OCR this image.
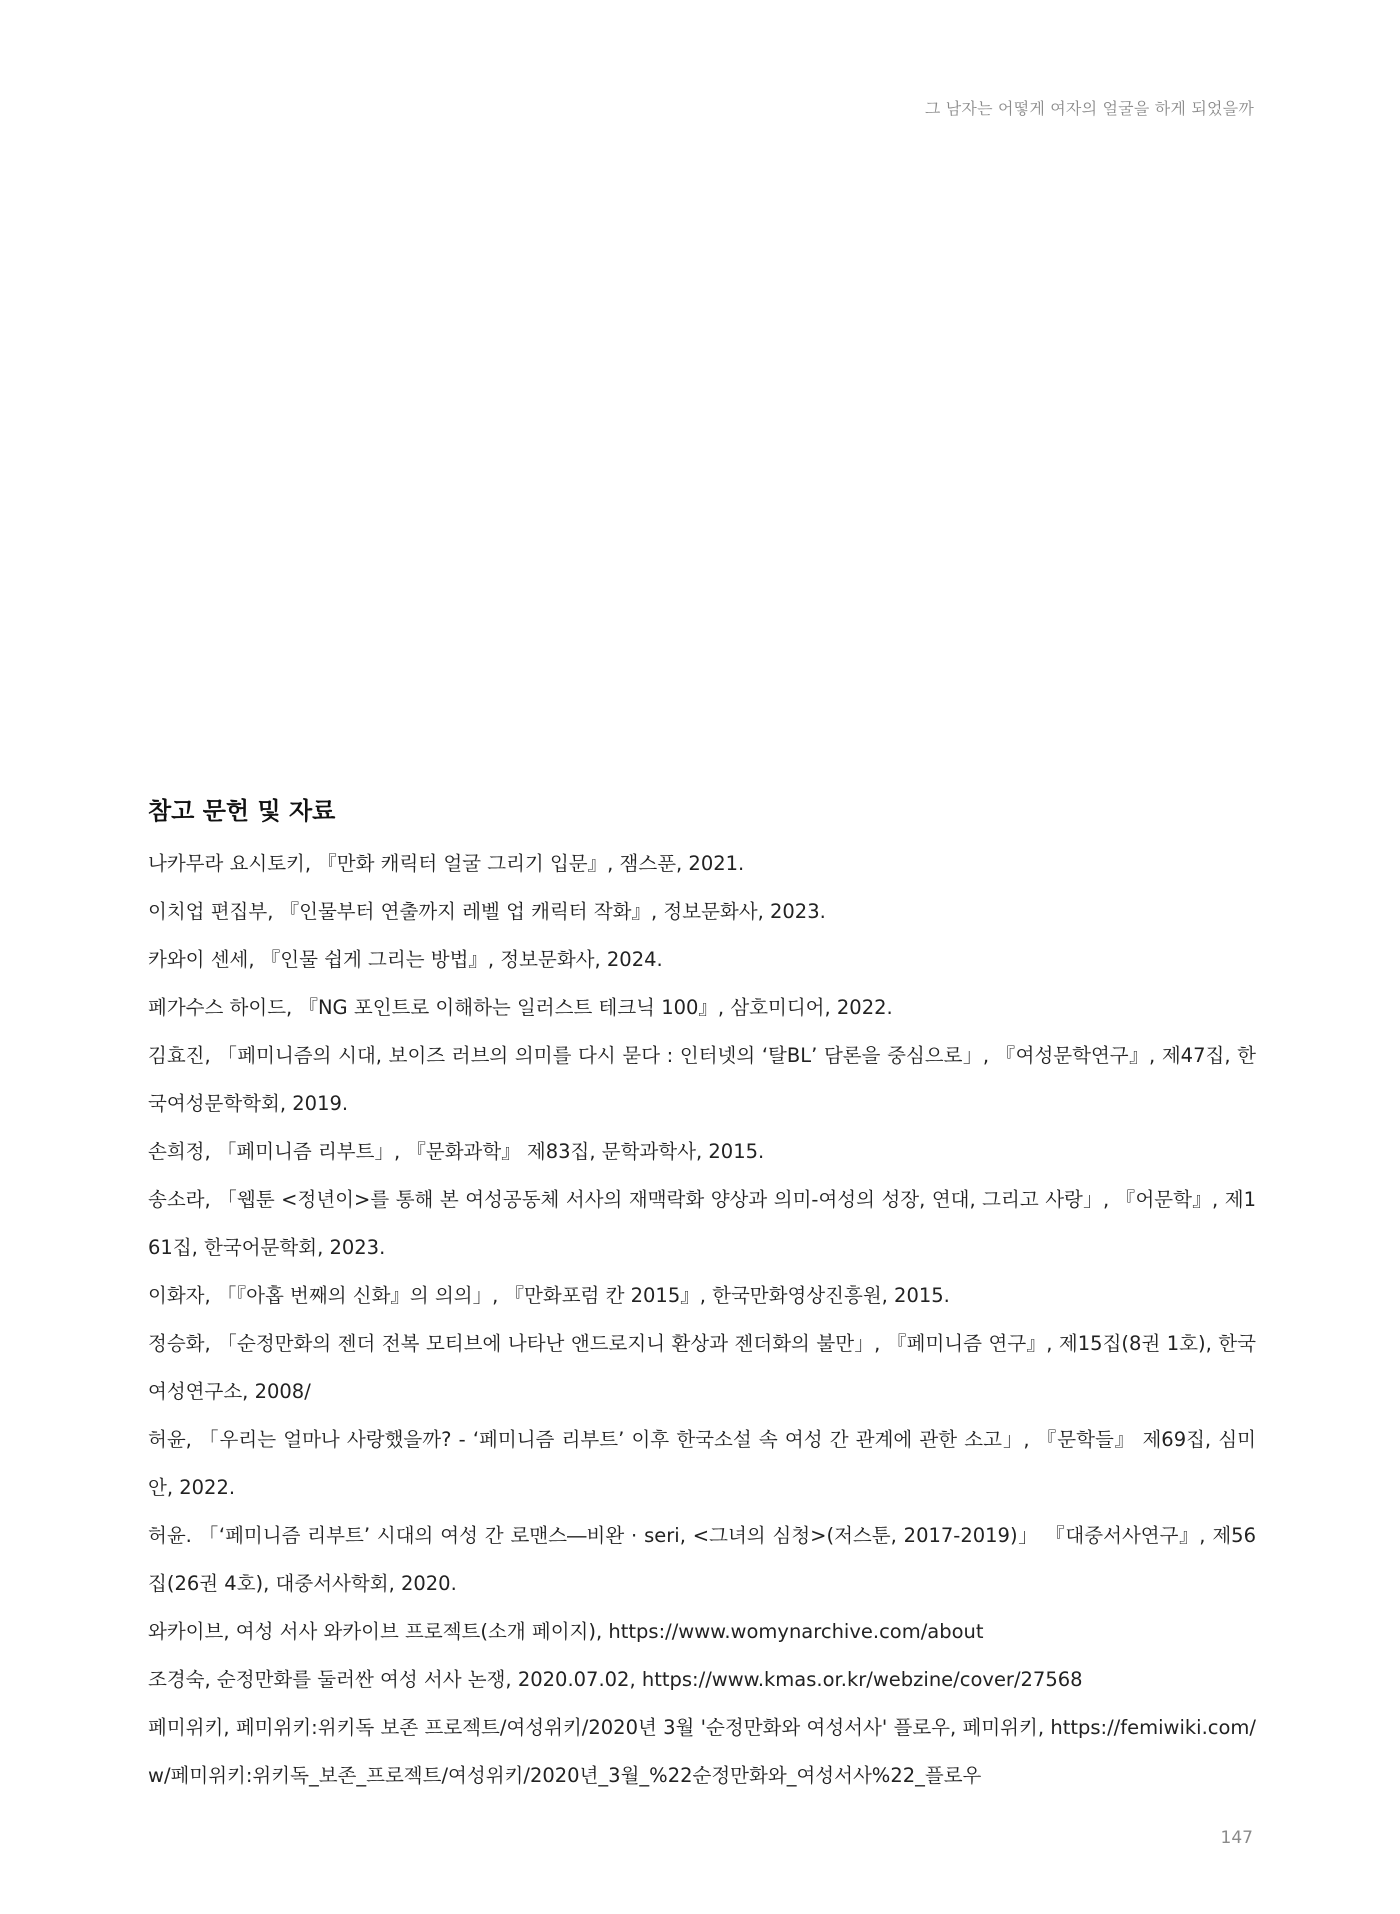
그 남자는 어떻게 여자의 얼굴을 하게 되었을까
참고 문헌 및 자료
나카무라 요시토키, 『만화 캐릭터 얼굴 그리기 입문』, 잼스푼, 2021.
이치업 편집부, 『인물부터 연출까지 레벨 업 캐릭터 작화』, 정보문화사, 2023.
카와이 센세, 『인물 쉽게 그리는 방법』, 정보문화사, 2024.
페가수스 하이드, 『NG 포인트로 이해하는 일러스트 테크닉 100』, 삼호미디어, 2022.
김효진, 「페미니즘의 시대, 보이즈 러브의 의미를 다시 묻다 : 인터넷의 ‘탈BL’ 담론을 중심으로」, 『여성문학연구』, 제47집, 한국여성문학학회, 2019.
손희정, 「페미니즘 리부트」, 『문화과학』 제83집, 문학과학사, 2015.
송소라, 「웹툰 <정년이>를 통해 본 여성공동체 서사의 재맥락화 양상과 의미-여성의 성장, 연대, 그리고 사랑」, 『어문학』, 제161집, 한국어문학회, 2023.
이화자, 「『아홉 번째의 신화』의 의의」, 『만화포럼 칸 2015』, 한국만화영상진흥원, 2015.
정승화, 「순정만화의 젠더 전복 모티브에 나타난 앤드로지니 환상과 젠더화의 불만」, 『페미니즘 연구』, 제15집(8권 1호), 한국여성연구소, 2008/
허윤, 「우리는 얼마나 사랑했을까? - ‘페미니즘 리부트’ 이후 한국소설 속 여성 간 관계에 관한 소고」, 『문학들』 제69집, 심미안, 2022.
허윤. 「‘페미니즘 리부트’ 시대의 여성 간 로맨스―비완 · seri, <그녀의 심청>(저스툰, 2017-2019)」 『대중서사연구』, 제56집(26권 4호), 대중서사학회, 2020.
와카이브, 여성 서사 와카이브 프로젝트(소개 페이지), https://www.womynarchive.com/about
조경숙, 순정만화를 둘러싼 여성 서사 논쟁, 2020.07.02, https://www.kmas.or.kr/webzine/cover/27568
페미위키, 페미위키:위키독 보존 프로젝트/여성위키/2020년 3월 '순정만화와 여성서사' 플로우, 페미위키, https://femiwiki.com/w/페미위키:위키독_보존_프로젝트/여성위키/2020년_3월_%22순정만화와_여성서사%22_플로우
147
